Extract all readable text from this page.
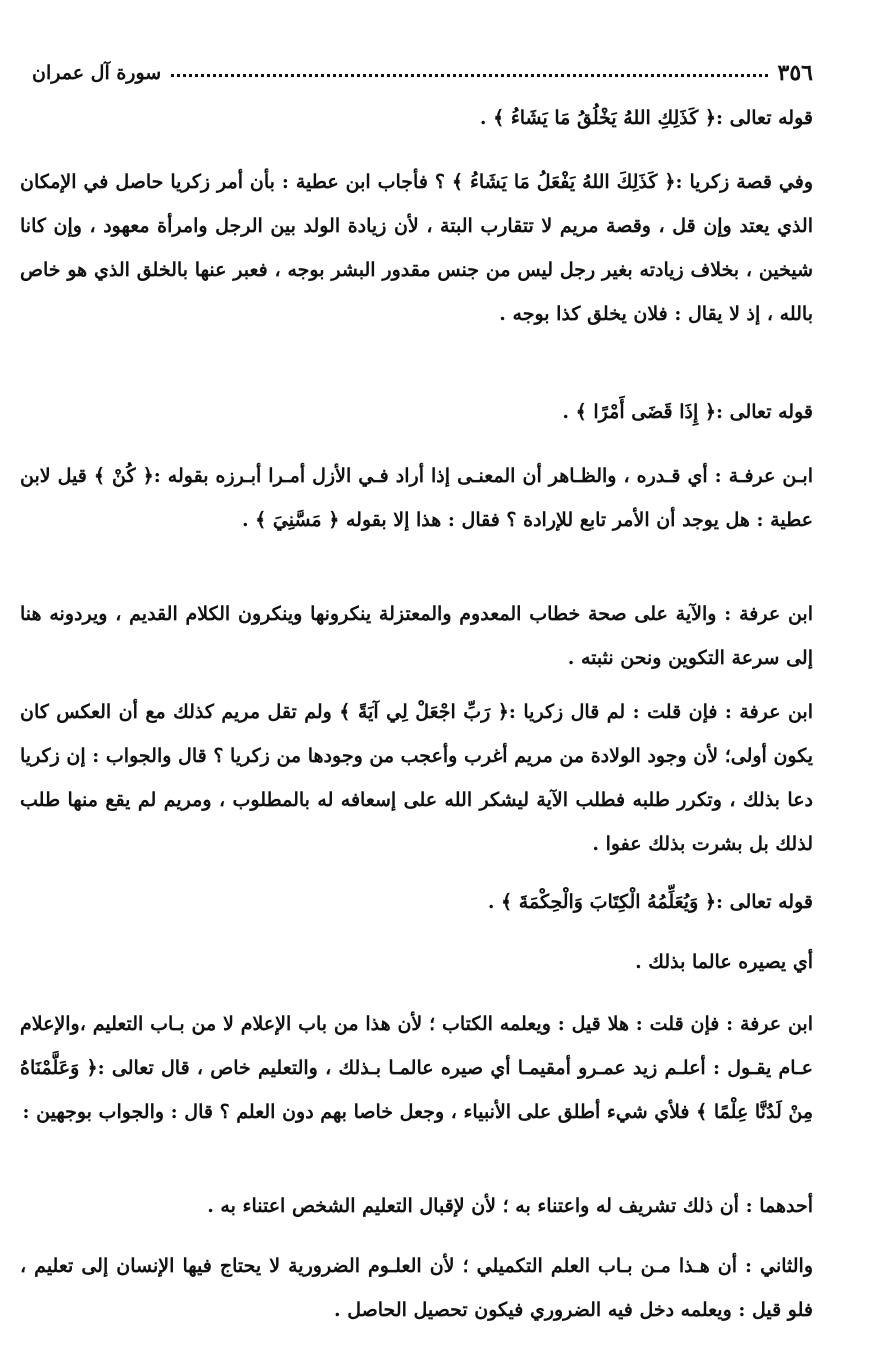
٣٥٦
سورة آل عمران

قوله تعالى :﴿ كَذَلِكِ اللهُ يَخْلُقُ مَا يَشَاءُ ﴾ .

وفي قصة زكريا :﴿ كَذَلِكَ اللهُ يَفْعَلُ مَا يَشَاءُ ﴾ ؟ فأجاب ابن عطية : بأن أمر زكريا حاصل في الإمكان الذي يعتد وإن قل ، وقصة مريم لا تتقارب البتة ، لأن زيادة الولد بين الرجل وامرأة معهود ، وإن كانا شيخين ، بخلاف زيادته بغير رجل ليس من جنس مقدور البشر بوجه ، فعبر عنها بالخلق الذي هو خاص بالله ، إذ لا يقال : فلان يخلق كذا بوجه .

قوله تعالى :﴿ إِذَا قَضَى أَمْرًا ﴾ .

ابـن عرفـة : أي قـدره ، والظـاهر أن المعنـى إذا أراد فـي الأزل أمـرا أبـرزه بقوله :﴿ كُنْ ﴾ قيل لابن عطية : هل يوجد أن الأمر تابع للإرادة ؟ فقال : هذا إلا بقوله ﴿ مَسَّنِيَ ﴾ .

ابن عرفة : والآية على صحة خطاب المعدوم والمعتزلة ينكرونها وينكرون الكلام القديم ، ويردونه هنا إلى سرعة التكوين ونحن نثبته .

ابن عرفة : فإن قلت : لم قال زكريا :﴿ رَبِّ اجْعَلْ لِي آيَةً ﴾ ولم تقل مريم كذلك مع أن العكس كان يكون أولى؛ لأن وجود الولادة من مريم أغرب وأعجب من وجودها من زكريا ؟ قال والجواب : إن زكريا دعا بذلك ، وتكرر طلبه فطلب الآية ليشكر الله على إسعافه له بالمطلوب ، ومريم لم يقع منها طلب لذلك بل بشرت بذلك عفوا .

قوله تعالى :﴿ وَيُعَلِّمُهُ الْكِتَابَ وَالْحِكْمَةَ ﴾ .

أي يصيره عالما بذلك .

ابن عرفة : فإن قلت : هلا قيل : ويعلمه الكتاب ؛ لأن هذا من باب الإعلام لا من بـاب التعليم ،والإعلام عـام يقـول : أعلـم زيد عمـرو أمقيمـا أي صيره عالمـا بـذلك ، والتعليم خاص ، قال تعالى :﴿ وَعَلَّمْنَاهُ مِنْ لَدُنَّا عِلْمًا ﴾ فلأي شيء أطلق على الأنبياء ، وجعل خاصا بهم دون العلم ؟ قال : والجواب بوجهين :

أحدهما : أن ذلك تشريف له واعتناء به ؛ لأن لإقبال التعليم الشخص اعتناء به .

والثاني : أن هـذا مـن بـاب العلم التكميلي ؛ لأن العلـوم الضرورية لا يحتاج فيها الإنسان إلى تعليم ، فلو قيل : ويعلمه دخل فيه الضروري فيكون تحصيل الحاصل .
